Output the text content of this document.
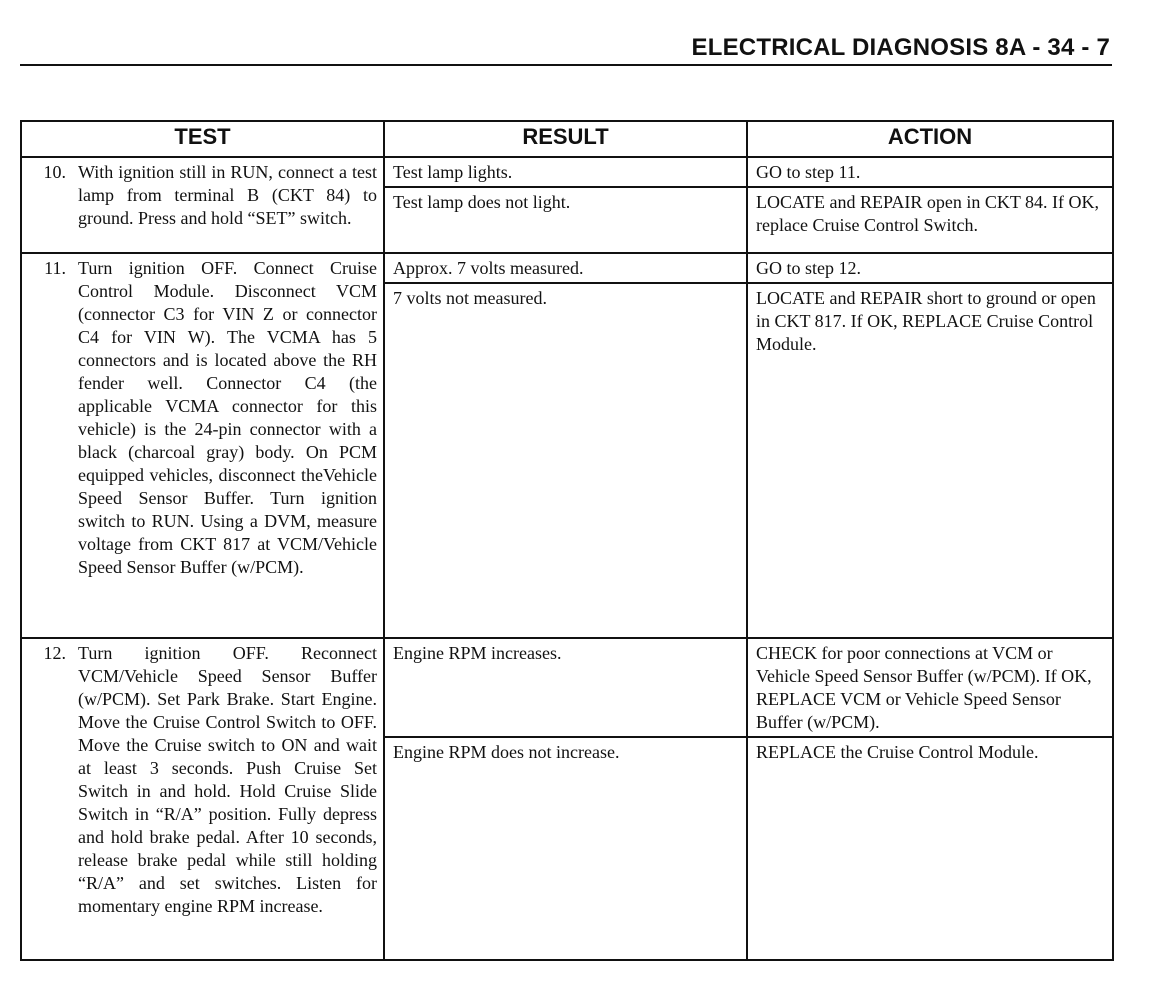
ELECTRICAL DIAGNOSIS 8A - 34 - 7
TEST	RESULT	ACTION

10. With ignition still in RUN, connect a test lamp from terminal B (CKT 84) to ground. Press and hold “SET” switch.	Test lamp lights.	GO to step 11.
	Test lamp does not light.	LOCATE and REPAIR open in CKT 84. If OK, replace Cruise Control Switch.

11. Turn ignition OFF. Connect Cruise Control Module. Disconnect VCM (connector C3 for VIN Z or connector C4 for VIN W). The VCMA has 5 connectors and is located above the RH fender well. Connector C4 (the applicable VCMA connector for this vehicle) is the 24-pin connector with a black (charcoal gray) body. On PCM equipped vehicles, disconnect theVehicle Speed Sensor Buffer. Turn ignition switch to RUN. Using a DVM, measure voltage from CKT 817 at VCM/Vehicle Speed Sensor Buffer (w/PCM).	Approx. 7 volts measured.	GO to step 12.
	7 volts not measured.	LOCATE and REPAIR short to ground or open in CKT 817. If OK, REPLACE Cruise Control Module.

12. Turn ignition OFF. Reconnect VCM/Vehicle Speed Sensor Buffer (w/PCM). Set Park Brake. Start Engine. Move the Cruise Control Switch to OFF. Move the Cruise switch to ON and wait at least 3 seconds. Push Cruise Set Switch in and hold. Hold Cruise Slide Switch in “R/A” position. Fully depress and hold brake pedal. After 10 seconds, release brake pedal while still holding “R/A” and set switches. Listen for momentary engine RPM increase.	Engine RPM increases.	CHECK for poor connections at VCM or Vehicle Speed Sensor Buffer (w/PCM). If OK, REPLACE VCM or Vehicle Speed Sensor Buffer (w/PCM).
	Engine RPM does not increase.	REPLACE the Cruise Control Module.
